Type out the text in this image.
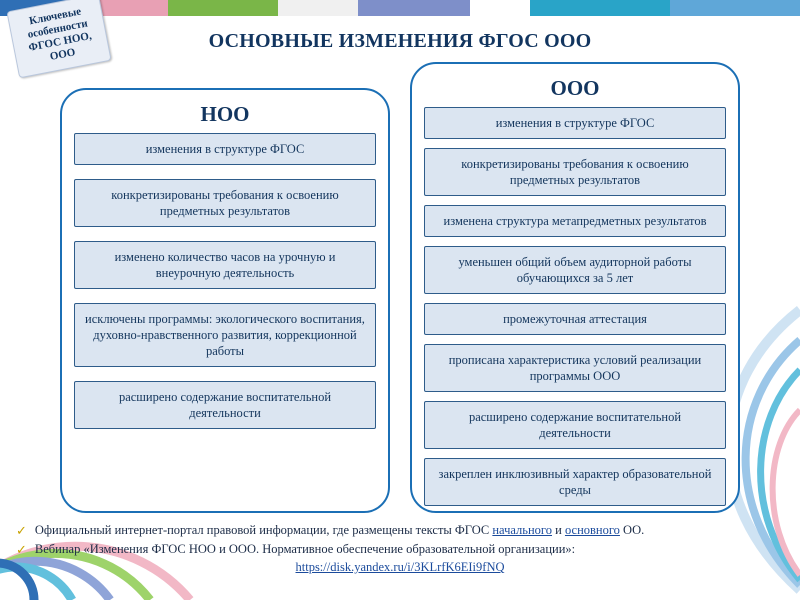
Ключевые особенности ФГОС НОО, ООО
ОСНОВНЫЕ ИЗМЕНЕНИЯ ФГОС ООО
НОО
изменения в структуре ФГОС
конкретизированы требования к освоению предметных результатов
изменено количество часов на урочную и внеурочную деятельность
исключены программы: экологического воспитания, духовно-нравственного развития, коррекционной работы
расширено содержание воспитательной деятельности
ООО
изменения в структуре ФГОС
конкретизированы требования к освоению предметных результатов
изменена структура метапредметных результатов
уменьшен общий объем аудиторной работы обучающихся за 5 лет
промежуточная аттестация
прописана характеристика условий реализации программы ООО
расширено содержание воспитательной деятельности
закреплен инклюзивный характер образовательной среды
✓ Официальный интернет-портал правовой информации, где размещены тексты ФГОС начального и основного ОО.
✓ Вебинар «Изменения ФГОС НОО и ООО. Нормативное обеспечение образовательной организации»:
https://disk.yandex.ru/i/3KLrfK6EIi9fNQ
